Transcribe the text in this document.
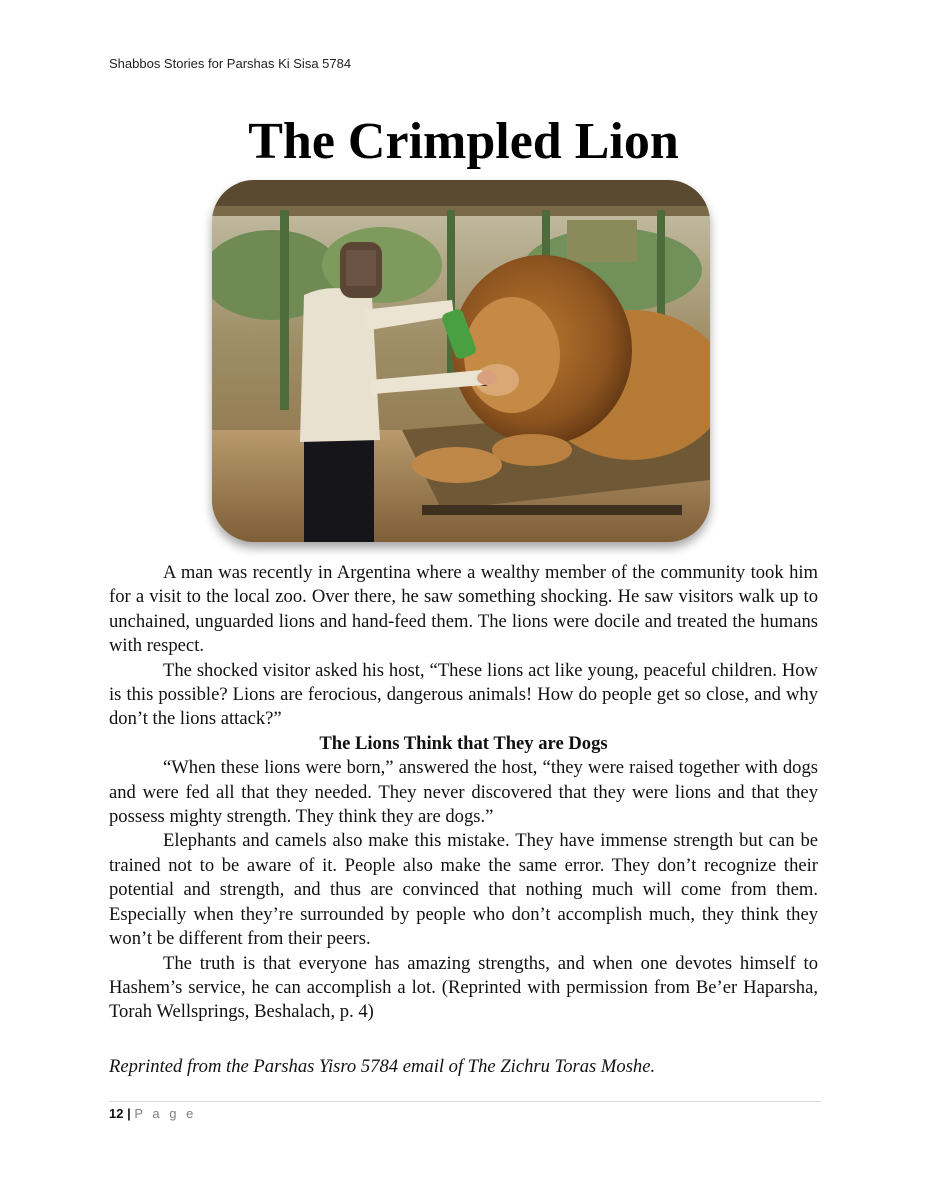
Shabbos Stories for Parshas Ki Sisa 5784
The Crimpled Lion

A man was recently in Argentina where a wealthy member of the community took him for a visit to the local zoo. Over there, he saw something shocking. He saw visitors walk up to unchained, unguarded lions and hand-feed them. The lions were docile and treated the humans with respect.

The shocked visitor asked his host, “These lions act like young, peaceful children. How is this possible? Lions are ferocious, dangerous animals! How do people get so close, and why don’t the lions attack?”

The Lions Think that They are Dogs

“When these lions were born,” answered the host, “they were raised together with dogs and were fed all that they needed. They never discovered that they were lions and that they possess mighty strength. They think they are dogs.”

Elephants and camels also make this mistake. They have immense strength but can be trained not to be aware of it. People also make the same error. They don’t recognize their potential and strength, and thus are convinced that nothing much will come from them. Especially when they’re surrounded by people who don’t accomplish much, they think they won’t be different from their peers.

The truth is that everyone has amazing strengths, and when one devotes himself to Hashem’s service, he can accomplish a lot. (Reprinted with permission from Be’er Haparsha, Torah Wellsprings, Beshalach, p. 4)

Reprinted from the Parshas Yisro 5784 email of The Zichru Toras Moshe.
12 | P a g e
